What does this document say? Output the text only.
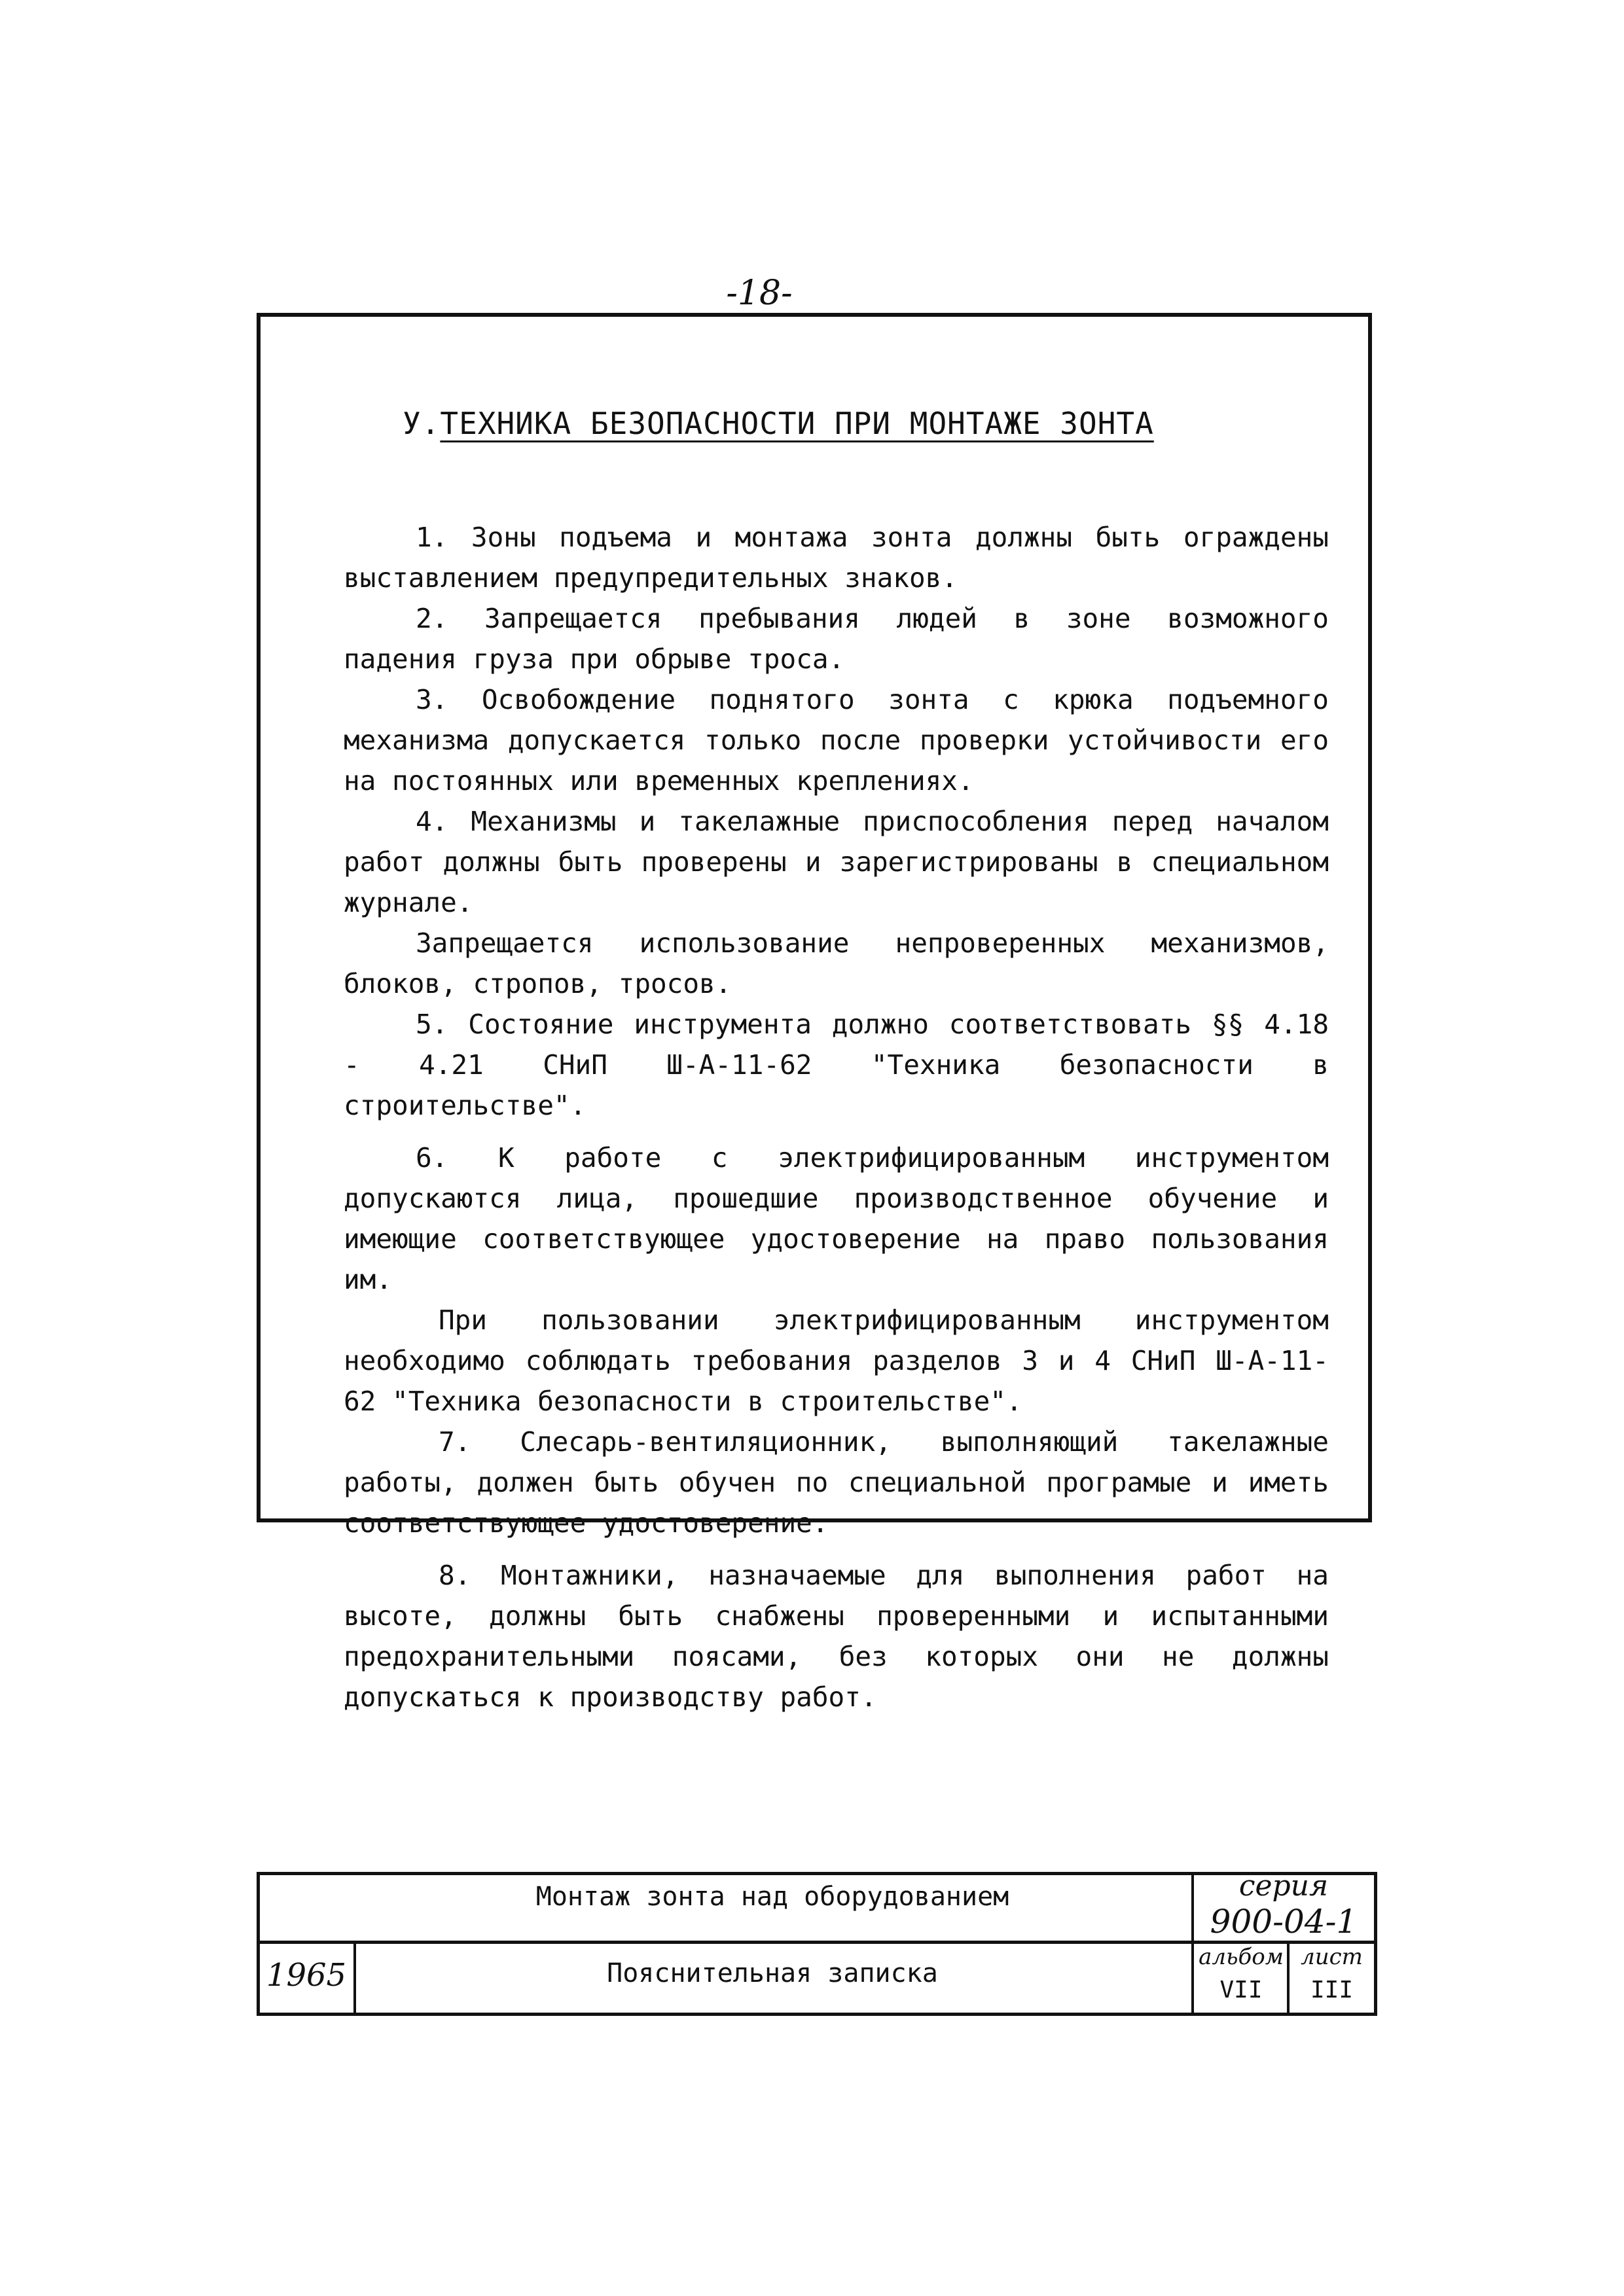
-18-
У.ТЕХНИКА БЕЗОПАСНОСТИ ПРИ МОНТАЖЕ ЗОНТА

1. Зоны подъема и монтажа зонта должны быть ограждены выставлением предупредительных знаков.

2. Запрещается пребывания людей в зоне возможного падения груза при обрыве троса.

3. Освобождение поднятого зонта с крюка подъемного механизма допускается только после проверки устойчивости его на постоянных или временных креплениях.

4. Механизмы и такелажные приспособления перед началом работ должны быть проверены и зарегистрированы в специальном журнале.

Запрещается использование непроверенных механизмов, блоков, стропов, тросов.

5. Состояние инструмента должно соответствовать §§ 4.18 - 4.21 СНиП Ш-А-11-62 "Техника безопасности в строительстве".

6. К работе с электрифицированным инструментом допускаются лица, прошедшие производственное обучение и имеющие соответствующее удостоверение на право пользования им.

При пользовании электрифицированным инструментом необходимо соблюдать требования разделов 3 и 4 СНиП Ш-А-11-62 "Техника безопасности в строительстве".

7. Слесарь-вентиляционник, выполняющий такелажные работы, должен быть обучен по специальной програмые и иметь соответствующее удостоверение.

8. Монтажники, назначаемые для выполнения работ на высоте, должны быть снабжены проверенными и испытанными предохранительными поясами, без которых они не должны допускаться к производству работ.

Монтаж зонта над оборудованием
Пояснительная записка
1965
серия
900-04-1
альбом
VII
лист
III
